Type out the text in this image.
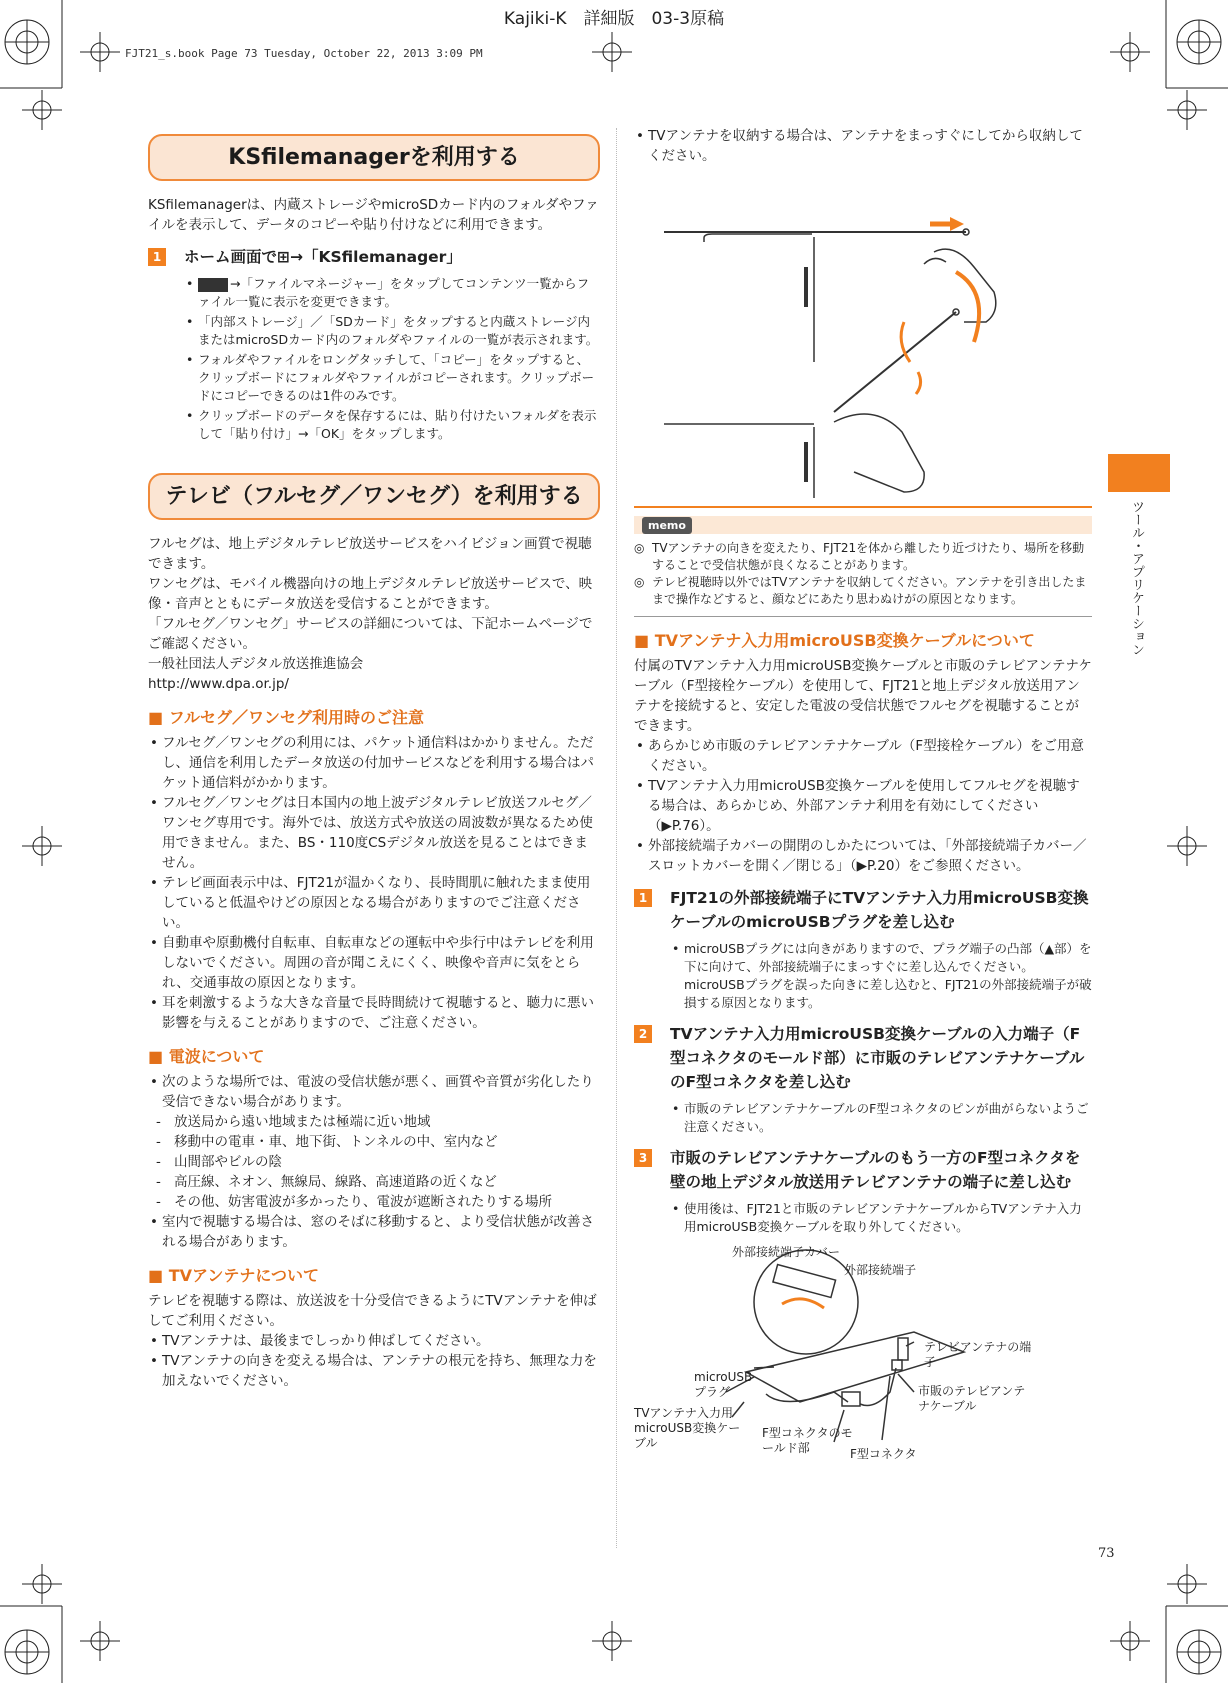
Kajiki-K　詳細版　03-3原稿
FJT21_s.book Page 73 Tuesday, October 22, 2013 3:09 PM
ツール・アプリケーション
KSfilemanagerを利用する

KSfilemanagerは、内蔵ストレージやmicroSDカード内のフォルダやファイルを表示して、データのコピーや貼り付けなどに利用できます。

1	ホーム画面で⊞→「KSfilemanager」
• →「ファイルマネージャー」をタップしてコンテンツ一覧からファイル一覧に表示を変更できます。
• 「内部ストレージ」／「SDカード」をタップすると内蔵ストレージ内またはmicroSDカード内のフォルダやファイルの一覧が表示されます。
• フォルダやファイルをロングタッチして、「コピー」をタップすると、クリップボードにフォルダやファイルがコピーされます。クリップボードにコピーできるのは1件のみです。
• クリップボードのデータを保存するには、貼り付けたいフォルダを表示して「貼り付け」→「OK」をタップします。
テレビ（フルセグ／ワンセグ）を利用する

フルセグは、地上デジタルテレビ放送サービスをハイビジョン画質で視聴できます。

ワンセグは、モバイル機器向けの地上デジタルテレビ放送サービスで、映像・音声とともにデータ放送を受信することができます。

「フルセグ／ワンセグ」サービスの詳細については、下記ホームページでご確認ください。

一般社団法人デジタル放送推進協会

http://www.dpa.or.jp/

■ フルセグ／ワンセグ利用時のご注意
• フルセグ／ワンセグの利用には、パケット通信料はかかりません。ただし、通信を利用したデータ放送の付加サービスなどを利用する場合はパケット通信料がかかります。
• フルセグ／ワンセグは日本国内の地上波デジタルテレビ放送フルセグ／ワンセグ専用です。海外では、放送方式や放送の周波数が異なるため使用できません。また、BS・110度CSデジタル放送を見ることはできません。
• テレビ画面表示中は、FJT21が温かくなり、長時間肌に触れたまま使用していると低温やけどの原因となる場合がありますのでご注意ください。
• 自動車や原動機付自転車、自転車などの運転中や歩行中はテレビを利用しないでください。周囲の音が聞こえにくく、映像や音声に気をとられ、交通事故の原因となります。
• 耳を刺激するような大きな音量で長時間続けて視聴すると、聴力に悪い影響を与えることがありますので、ご注意ください。
■ 電波について
• 次のような場所では、電波の受信状態が悪く、画質や音質が劣化したり受信できない場合があります。
- 放送局から遠い地域または極端に近い地域
- 移動中の電車・車、地下街、トンネルの中、室内など
- 山間部やビルの陰
- 高圧線、ネオン、無線局、線路、高速道路の近くなど
- その他、妨害電波が多かったり、電波が遮断されたりする場所
• 室内で視聴する場合は、窓のそばに移動すると、より受信状態が改善される場合があります。
■ TVアンテナについて

テレビを視聴する際は、放送波を十分受信できるようにTVアンテナを伸ばしてご利用ください。

• TVアンテナは、最後までしっかり伸ばしてください。
• TVアンテナの向きを変える場合は、アンテナの根元を持ち、無理な力を加えないでください。
• TVアンテナを収納する場合は、アンテナをまっすぐにしてから収納してください。
memo
◎ TVアンテナの向きを変えたり、FJT21を体から離したり近づけたり、場所を移動することで受信状態が良くなることがあります。
◎ テレビ視聴時以外ではTVアンテナを収納してください。アンテナを引き出したままで操作などすると、顔などにあたり思わぬけがの原因となります。
■ TVアンテナ入力用microUSB変換ケーブルについて

付属のTVアンテナ入力用microUSB変換ケーブルと市販のテレビアンテナケーブル（F型接栓ケーブル）を使用して、FJT21と地上デジタル放送用アンテナを接続すると、安定した電波の受信状態でフルセグを視聴することができます。

• あらかじめ市販のテレビアンテナケーブル（F型接栓ケーブル）をご用意ください。
• TVアンテナ入力用microUSB変換ケーブルを使用してフルセグを視聴する場合は、あらかじめ、外部アンテナ利用を有効にしてください（▶P.76）。
• 外部接続端子カバーの開閉のしかたについては、「外部接続端子カバー／スロットカバーを開く／閉じる」（▶P.20）をご参照ください。
1	FJT21の外部接続端子にTVアンテナ入力用microUSB変換ケーブルのmicroUSBプラグを差し込む
• microUSBプラグには向きがありますので、プラグ端子の凸部（▲部）を下に向けて、外部接続端子にまっすぐに差し込んでください。microUSBプラグを誤った向きに差し込むと、FJT21の外部接続端子が破損する原因となります。
2	TVアンテナ入力用microUSB変換ケーブルの入力端子（F型コネクタのモールド部）に市販のテレビアンテナケーブルのF型コネクタを差し込む
• 市販のテレビアンテナケーブルのF型コネクタのピンが曲がらないようご注意ください。
3	市販のテレビアンテナケーブルのもう一方のF型コネクタを壁の地上デジタル放送用テレビアンテナの端子に差し込む
• 使用後は、FJT21と市販のテレビアンテナケーブルからTVアンテナ入力用microUSB変換ケーブルを取り外してください。
外部接続端子カバー
外部接続端子
テレビアンテナの端子
microUSBプラグ	市販のテレビアンテナケーブル
TVアンテナ入力用microUSB変換ケーブル
F型コネクタのモールド部	F型コネクタ
73
